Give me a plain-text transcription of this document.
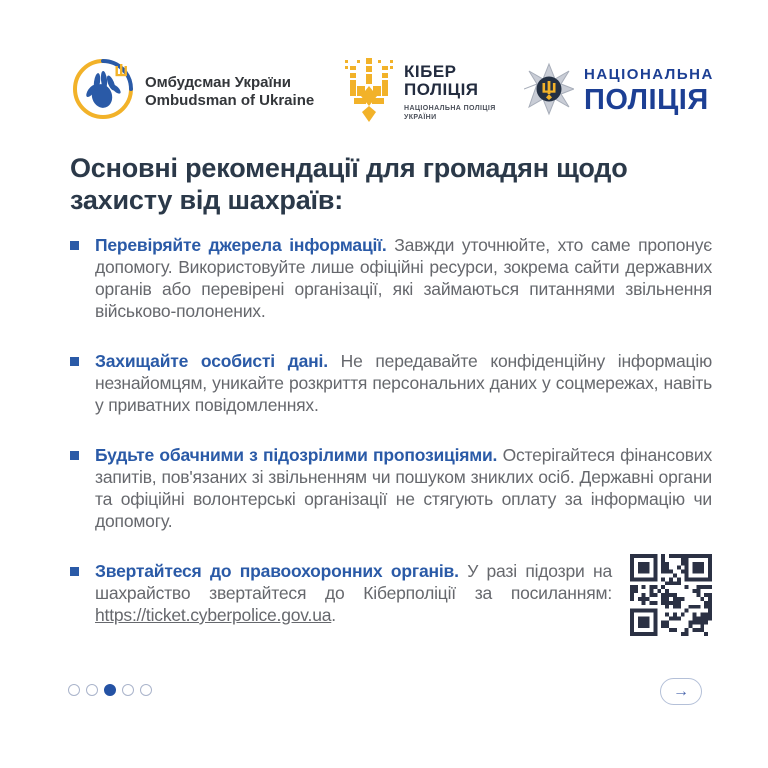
Омбудсман України
Ombudsman of Ukraine
КІБЕР
ПОЛІЦІЯ
НАЦІОНАЛЬНА ПОЛІЦІЯ
УКРАЇНИ
НАЦІОНАЛЬНА
ПОЛІЦІЯ
Основні рекомендації для громадян щодо захисту від шахраїв:

Перевіряйте джерела інформації. Завжди уточнюйте, хто саме пропонує допомогу. Використовуйте лише офіційні ресурси, зокрема сайти державних органів або перевірені організації, які займаються питаннями звільнення військово-полонених.

Захищайте особисті дані. Не передавайте конфіденційну інформацію незнайомцям, уникайте розкриття персональних даних у соцмережах, навіть у приватних повідомленнях.

Будьте обачними з підозрілими пропозиціями. Остерігайтеся фінансових запитів, пов'язаних зі звільненням чи пошуком зниклих осіб. Державні органи та офіційні волонтерські організації не стягують оплату за інформацію чи допомогу.

Звертайтеся до правоохоронних органів. У разі підозри на шахрайство звертайтеся до Кіберполіції за посиланням: https://ticket.cyberpolice.gov.ua.

→
